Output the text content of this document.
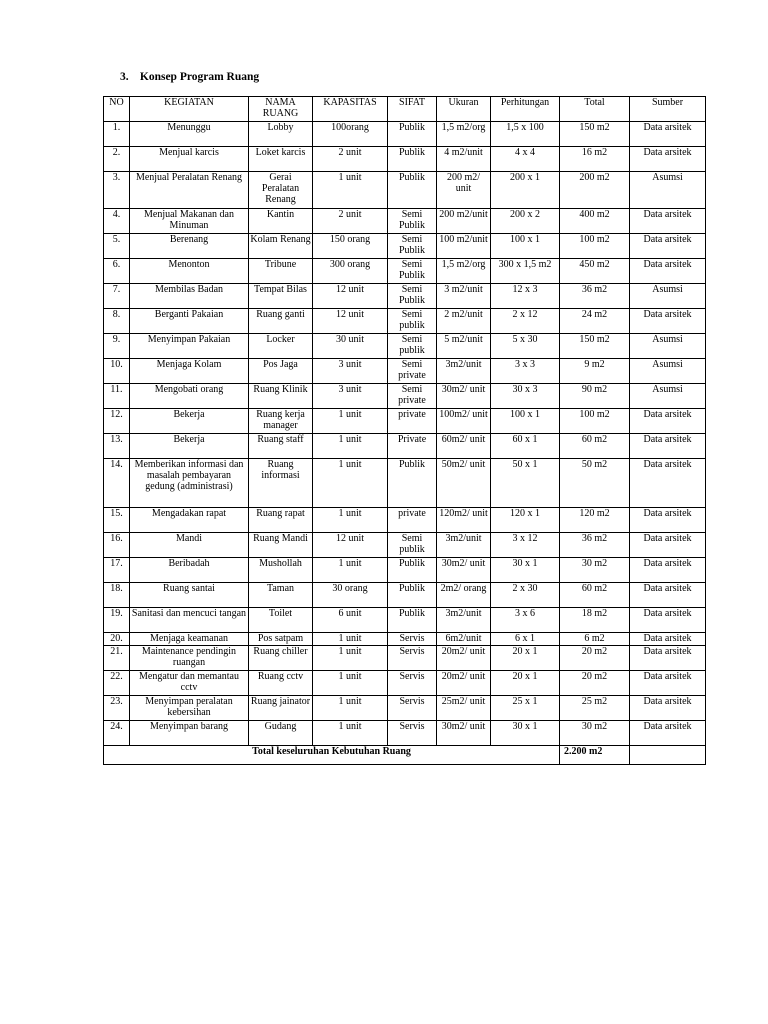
3. Konsep Program Ruang
NO	KEGIATAN	NAMA RUANG	KAPASITAS	SIFAT	Ukuran	Perhitungan	Total	Sumber
1.	Menunggu	Lobby	100orang	Publik	1,5 m2/org	1,5 x 100	150 m2	Data arsitek
2.	Menjual karcis	Loket karcis	2 unit	Publik	4 m2/unit	4 x 4	16 m2	Data arsitek
3.	Menjual Peralatan Renang	Gerai Peralatan Renang	1 unit	Publik	200 m2/ unit	200 x 1	200 m2	Asumsi
4.	Menjual Makanan dan Minuman	Kantin	2 unit	Semi Publik	200 m2/unit	200 x 2	400 m2	Data arsitek
5.	Berenang	Kolam Renang	150 orang	Semi Publik	100 m2/unit	100 x 1	100 m2	Data arsitek
6.	Menonton	Tribune	300 orang	Semi Publik	1,5 m2/org	300 x 1,5 m2	450 m2	Data arsitek
7.	Membilas Badan	Tempat Bilas	12 unit	Semi Publik	3 m2/unit	12 x 3	36 m2	Asumsi
8.	Berganti Pakaian	Ruang ganti	12 unit	Semi publik	2 m2/unit	2 x 12	24 m2	Data arsitek
9.	Menyimpan Pakaian	Locker	30 unit	Semi publik	5 m2/unit	5 x 30	150 m2	Asumsi
10.	Menjaga Kolam	Pos Jaga	3 unit	Semi private	3m2/unit	3 x 3	9 m2	Asumsi
11.	Mengobati orang	Ruang Klinik	3 unit	Semi private	30m2/ unit	30 x 3	90 m2	Asumsi
12.	Bekerja	Ruang kerja manager	1 unit	private	100m2/ unit	100 x 1	100 m2	Data arsitek
13.	Bekerja	Ruang staff	1 unit	Private	60m2/ unit	60 x 1	60 m2	Data arsitek
14.	Memberikan informasi dan masalah pembayaran gedung (administrasi)	Ruang informasi	1 unit	Publik	50m2/ unit	50 x 1	50 m2	Data arsitek
15.	Mengadakan rapat	Ruang rapat	1 unit	private	120m2/ unit	120 x 1	120 m2	Data arsitek
16.	Mandi	Ruang Mandi	12 unit	Semi publik	3m2/unit	3 x 12	36 m2	Data arsitek
17.	Beribadah	Mushollah	1 unit	Publik	30m2/ unit	30 x 1	30 m2	Data arsitek
18.	Ruang santai	Taman	30 orang	Publik	2m2/ orang	2 x 30	60 m2	Data arsitek
19.	Sanitasi dan mencuci tangan	Toilet	6 unit	Publik	3m2/unit	3 x 6	18 m2	Data arsitek
20.	Menjaga keamanan	Pos satpam	1 unit	Servis	6m2/unit	6 x 1	6 m2	Data arsitek
21.	Maintenance pendingin ruangan	Ruang chiller	1 unit	Servis	20m2/ unit	20 x 1	20 m2	Data arsitek
22.	Mengatur dan memantau cctv	Ruang cctv	1 unit	Servis	20m2/ unit	20 x 1	20 m2	Data arsitek
23.	Menyimpan peralatan kebersihan	Ruang jainator	1 unit	Servis	25m2/ unit	25 x 1	25 m2	Data arsitek
24.	Menyimpan barang	Gudang	1 unit	Servis	30m2/ unit	30 x 1	30 m2	Data arsitek
Total keseluruhan Kebutuhan Ruang							2.200 m2	
